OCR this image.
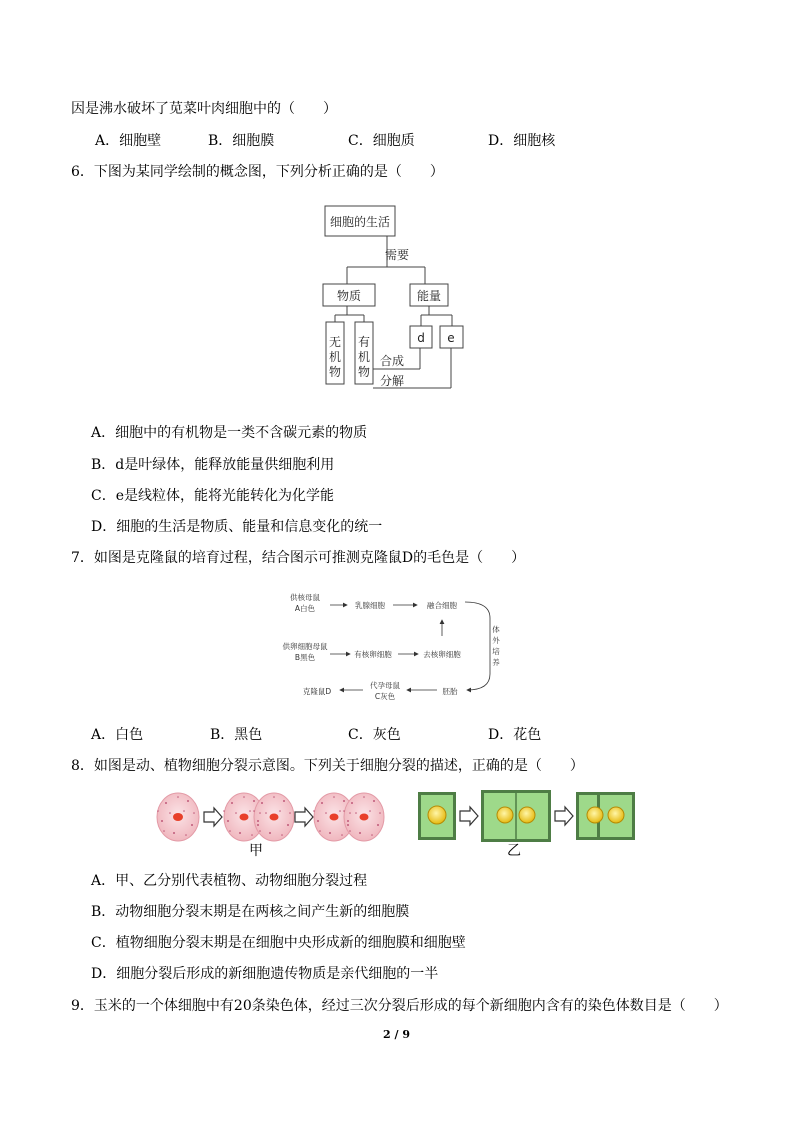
因是沸水破坏了苋菜叶肉细胞中的（　　）
A．细胞壁	B．细胞膜	C．细胞质	D．细胞核
6．下图为某同学绘制的概念图，下列分析正确的是（　　）
细胞的生活
需要
物质	能量
d e
合成
分解
无
机
物
有
机
物
A．细胞中的有机物是一类不含碳元素的物质
B．d是叶绿体，能释放能量供细胞利用
C．e是线粒体，能将光能转化为化学能
D．细胞的生活是物质、能量和信息变化的统一
7．如图是克隆鼠的培育过程，结合图示可推测克隆鼠D的毛色是（　　）
供核母鼠
A白色	乳腺细胞	融合细胞
供卵细胞母鼠
B黑色	有核卵细胞	去核卵细胞
克隆鼠D
代孕母鼠
C灰色
胚胎
体
外
培
养
A．白色	B．黑色	C．灰色	D．花色
8．如图是动、植物细胞分裂示意图。下列关于细胞分裂的描述，正确的是（　　）
甲	乙
A．甲、乙分别代表植物、动物细胞分裂过程
B．动物细胞分裂末期是在两核之间产生新的细胞膜
C．植物细胞分裂末期是在细胞中央形成新的细胞膜和细胞壁
D．细胞分裂后形成的新细胞遗传物质是亲代细胞的一半
9．玉米的一个体细胞中有20条染色体，经过三次分裂后形成的每个新细胞内含有的染色体数目是（　　）
2 / 9
